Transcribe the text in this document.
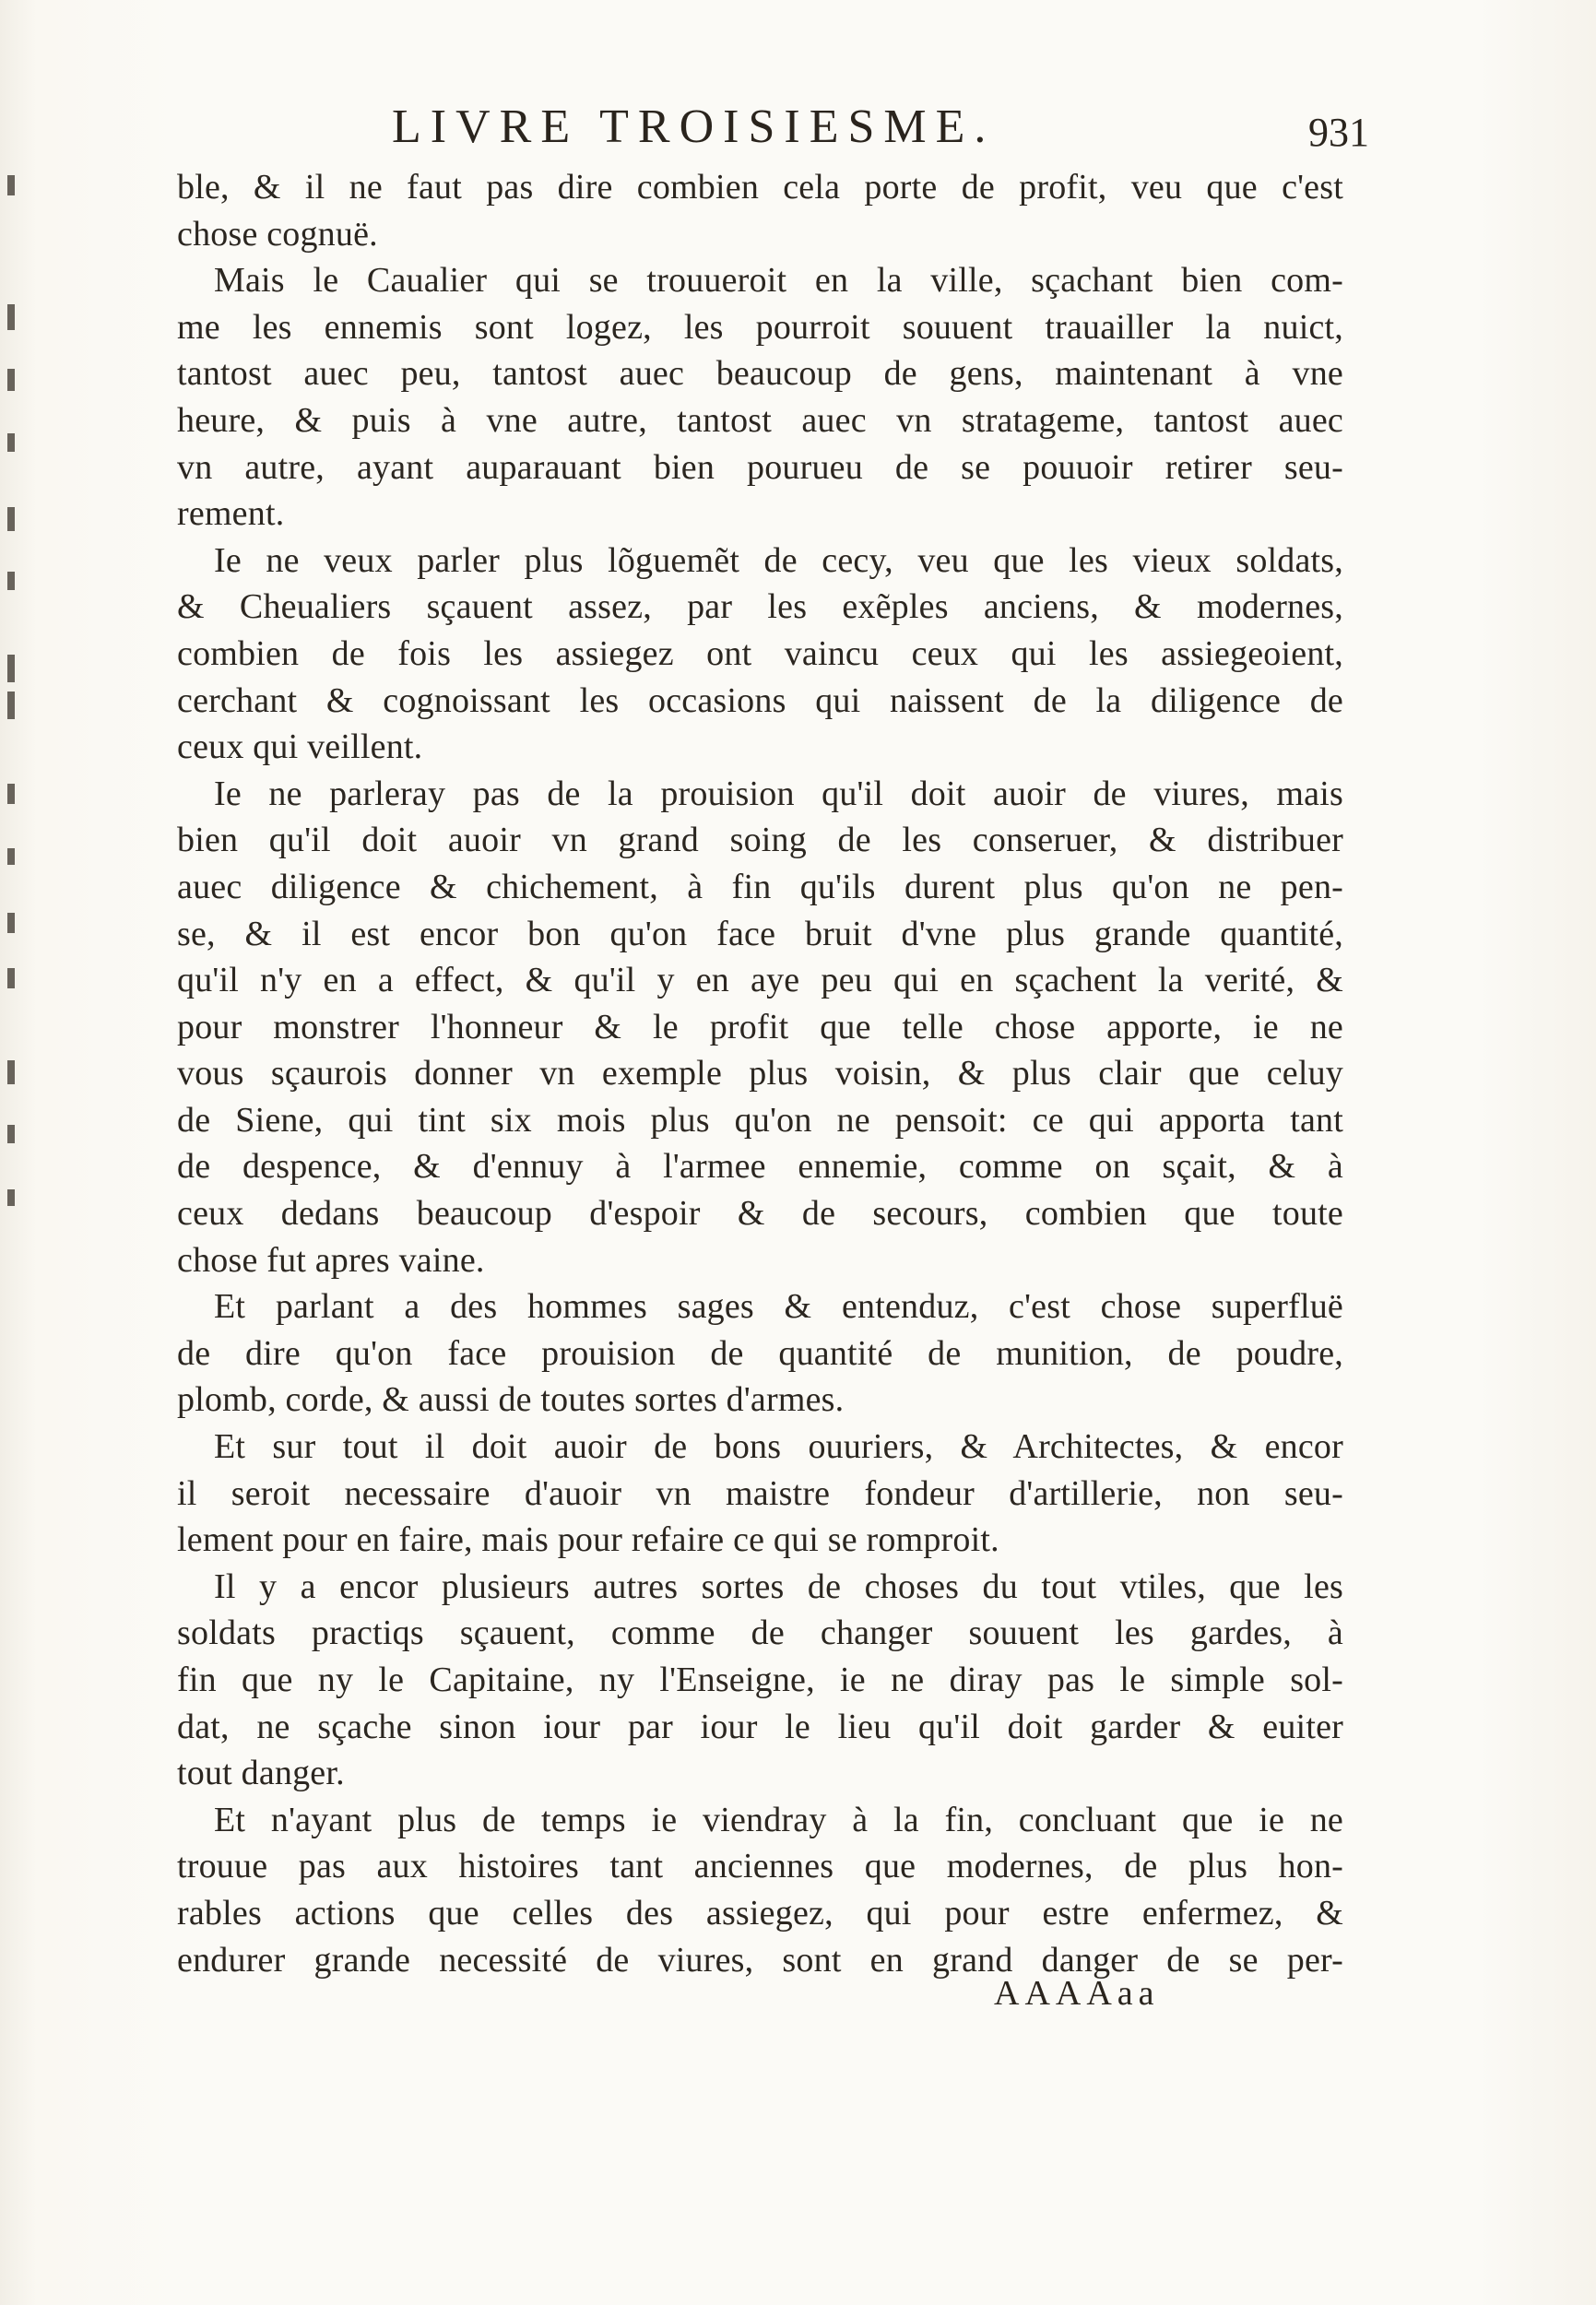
LIVRE TROISIESME.	931
ble, & il ne faut pas dire combien cela porte de profit, veu que c'est
chose cognuë.
Mais le Caualier qui se trouueroit en la ville, sçachant bien com-
me les ennemis sont logez, les pourroit souuent trauailler la nuict,
tantost auec peu, tantost auec beaucoup de gens, maintenant à vne
heure, & puis à vne autre, tantost auec vn stratageme, tantost auec
vn autre, ayant auparauant bien pourueu de se pouuoir retirer seu-
rement.
Ie ne veux parler plus lõguemẽt de cecy, veu que les vieux soldats,
& Cheualiers sçauent assez, par les exẽples anciens, & modernes,
combien de fois les assiegez ont vaincu ceux qui les assiegeoient,
cerchant & cognoissant les occasions qui naissent de la diligence de
ceux qui veillent.
Ie ne parleray pas de la prouision qu'il doit auoir de viures, mais
bien qu'il doit auoir vn grand soing de les conseruer, & distribuer
auec diligence & chichement, à fin qu'ils durent plus qu'on ne pen-
se, & il est encor bon qu'on face bruit d'vne plus grande quantité,
qu'il n'y en a effect, & qu'il y en aye peu qui en sçachent la verité, &
pour monstrer l'honneur & le profit que telle chose apporte, ie ne
vous sçaurois donner vn exemple plus voisin, & plus clair que celuy
de Siene, qui tint six mois plus qu'on ne pensoit: ce qui apporta tant
de despence, & d'ennuy à l'armee ennemie, comme on sçait, & à
ceux dedans beaucoup d'espoir & de secours, combien que toute
chose fut apres vaine.
Et parlant a des hommes sages & entenduz, c'est chose superfluë
de dire qu'on face prouision de quantité de munition, de poudre,
plomb, corde, & aussi de toutes sortes d'armes.
Et sur tout il doit auoir de bons ouuriers, & Architectes, & encor
il seroit necessaire d'auoir vn maistre fondeur d'artillerie, non seu-
lement pour en faire, mais pour refaire ce qui se romproit.
Il y a encor plusieurs autres sortes de choses du tout vtiles, que les
soldats practiqs sçauent, comme de changer souuent les gardes, à
fin que ny le Capitaine, ny l'Enseigne, ie ne diray pas le simple sol-
dat, ne sçache sinon iour par iour le lieu qu'il doit garder & euiter
tout danger.
Et n'ayant plus de temps ie viendray à la fin, concluant que ie ne
trouue pas aux histoires tant anciennes que modernes, de plus hon-
rables actions que celles des assiegez, qui pour estre enfermez, &
endurer grande necessité de viures, sont en grand danger de se per-
AAAAaa
